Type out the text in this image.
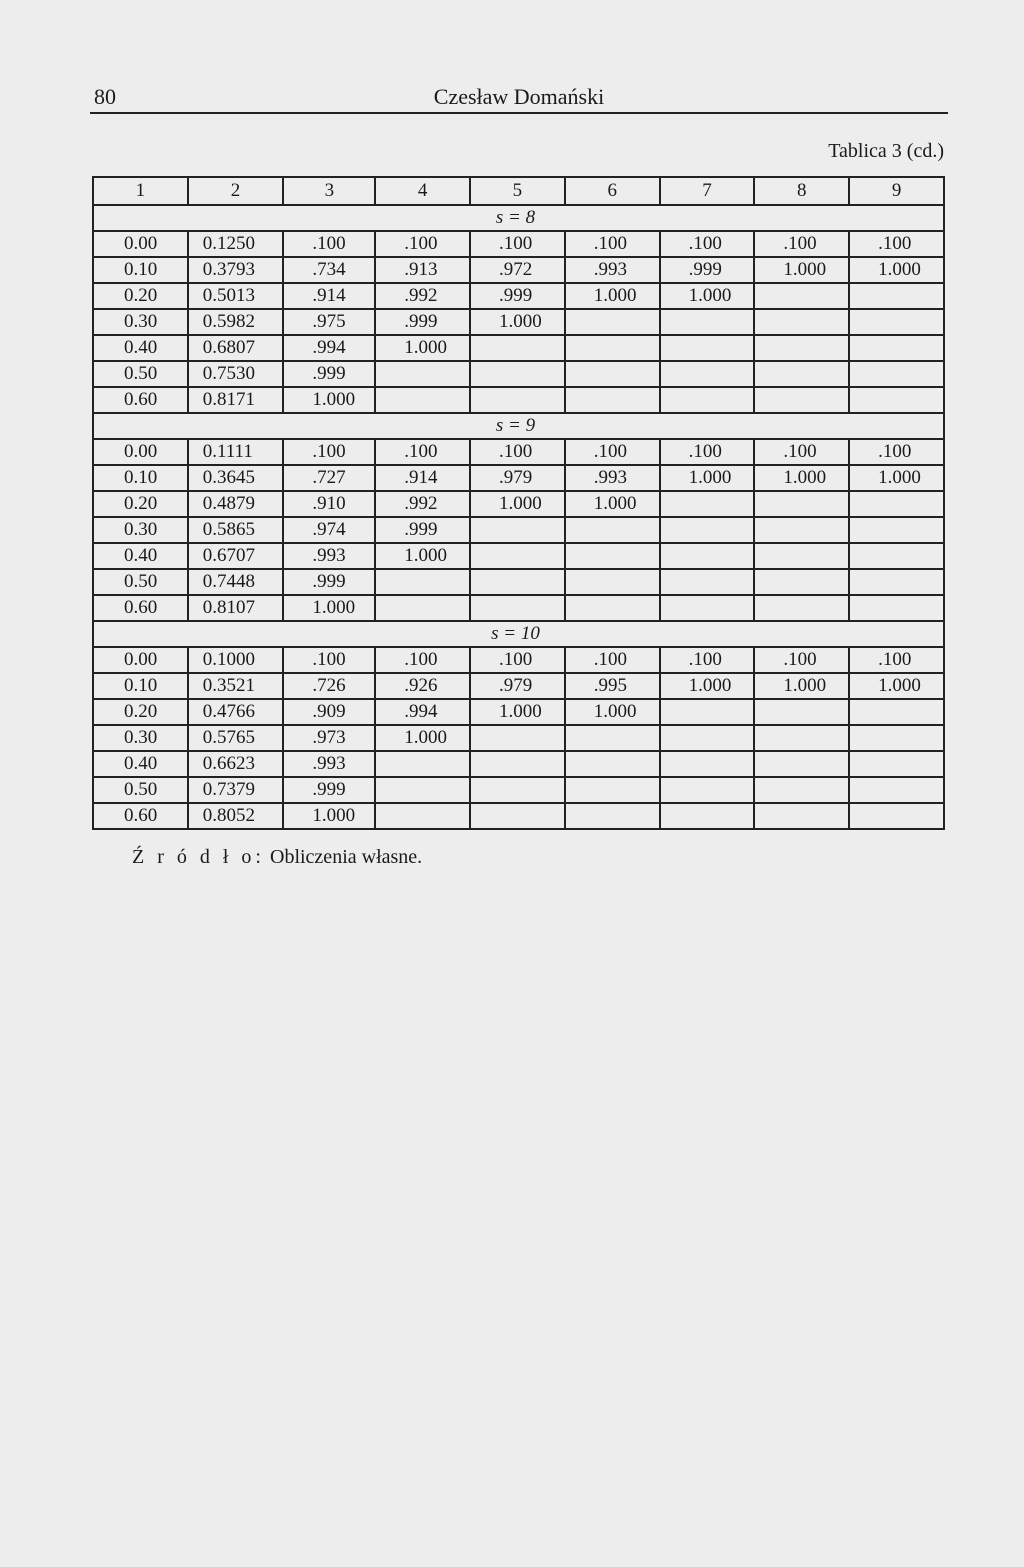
80	Czesław Domański
Tablica 3 (cd.)
1	2	3	4	5	6	7	8	9
s = 8								
0.00	0.1250	.100	.100	.100	.100	.100	.100	.100
0.10	0.3793	.734	.913	.972	.993	.999	1.000	1.000
0.20	0.5013	.914	.992	.999	1.000	1.000		
0.30	0.5982	.975	.999	1.000				
0.40	0.6807	.994	1.000					
0.50	0.7530	.999						
0.60	0.8171	1.000						
s = 9								
0.00	0.1111	.100	.100	.100	.100	.100	.100	.100
0.10	0.3645	.727	.914	.979	.993	1.000	1.000	1.000
0.20	0.4879	.910	.992	1.000	1.000			
0.30	0.5865	.974	.999					
0.40	0.6707	.993	1.000					
0.50	0.7448	.999						
0.60	0.8107	1.000						
s = 10								
0.00	0.1000	.100	.100	.100	.100	.100	.100	.100
0.10	0.3521	.726	.926	.979	.995	1.000	1.000	1.000
0.20	0.4766	.909	.994	1.000	1.000			
0.30	0.5765	.973	1.000					
0.40	0.6623	.993						
0.50	0.7379	.999						
0.60	0.8052	1.000						
Ź r ó d ł o: Obliczenia własne.
